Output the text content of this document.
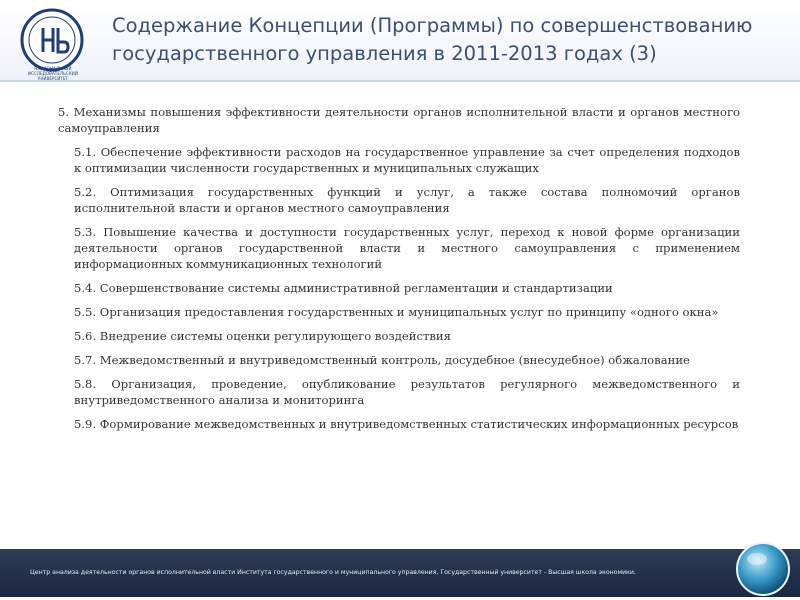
НАЦИОНАЛЬНЫЙ ИССЛЕДОВАТЕЛЬСКИЙ УНИВЕРСИТЕТ
Содержание Концепции (Программы) по совершенствованию
государственного управления в 2011-2013 годах (3)
5. Механизмы повышения эффективности деятельности органов исполнительной власти и органов местного самоуправления
5.1. Обеспечение эффективности расходов на государственное управление за счет определения подходов к оптимизации численности государственных и муниципальных служащих
5.2. Оптимизация государственных функций и услуг, а также состава полномочий органов исполнительной власти и органов местного самоуправления
5.3. Повышение качества и доступности государственных услуг, переход к новой форме организации деятельности органов государственной власти и местного самоуправления с применением информационных коммуникационных технологий
5.4. Совершенствование системы административной регламентации и стандартизации
5.5. Организация предоставления государственных и муниципальных услуг по принципу «одного окна»
5.6. Внедрение системы оценки регулирующего воздействия
5.7. Межведомственный и внутриведомственный контроль, досудебное (внесудебное) обжалование
5.8. Организация, проведение, опубликование результатов регулярного межведомственного и внутриведомственного анализа и мониторинга
5.9. Формирование межведомственных и внутриведомственных статистических информационных ресурсов
Центр анализа деятельности органов исполнительной власти Института государственного и муниципального управления, Государственный университет - Высшая школа экономики.
